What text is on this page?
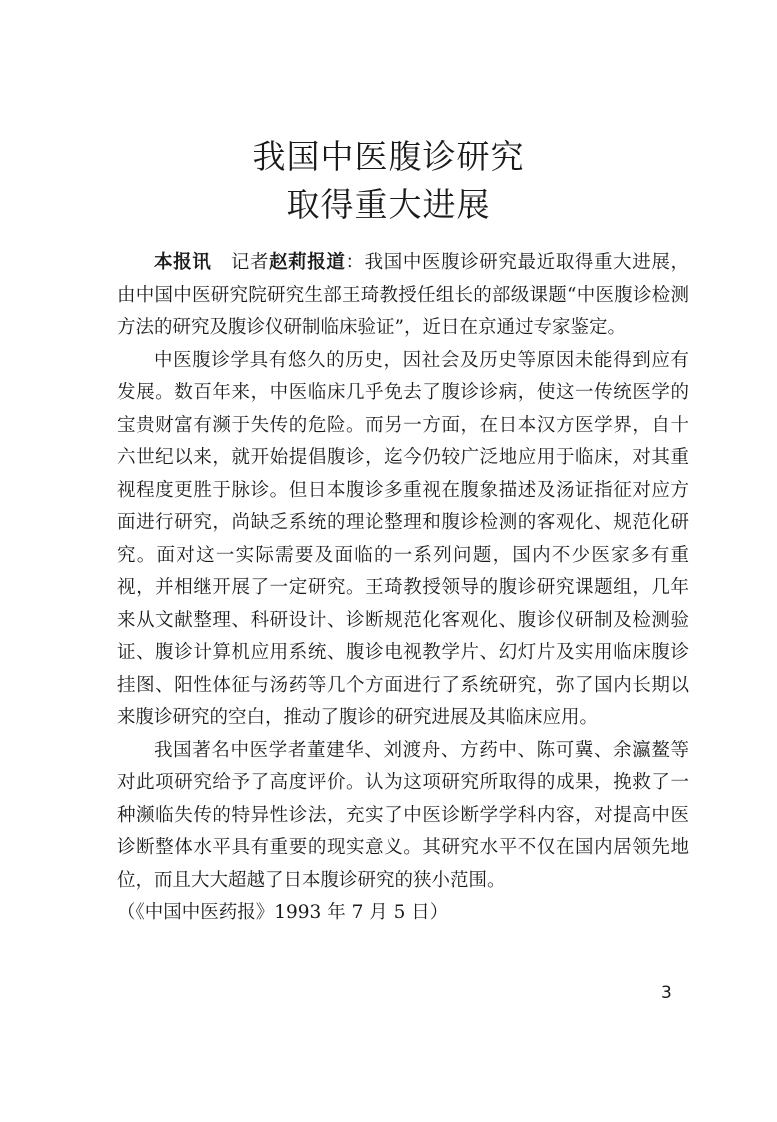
我国中医腹诊研究
取得重大进展

本报讯 记者赵莉报道：我国中医腹诊研究最近取得重大进展，由中国中医研究院研究生部王琦教授任组长的部级课题“中医腹诊检测方法的研究及腹诊仪研制临床验证”，近日在京通过专家鉴定。

中医腹诊学具有悠久的历史，因社会及历史等原因未能得到应有发展。数百年来，中医临床几乎免去了腹诊诊病，使这一传统医学的宝贵财富有濒于失传的危险。而另一方面，在日本汉方医学界，自十六世纪以来，就开始提倡腹诊，迄今仍较广泛地应用于临床，对其重视程度更胜于脉诊。但日本腹诊多重视在腹象描述及汤证指征对应方面进行研究，尚缺乏系统的理论整理和腹诊检测的客观化、规范化研究。面对这一实际需要及面临的一系列问题，国内不少医家多有重视，并相继开展了一定研究。王琦教授领导的腹诊研究课题组，几年来从文献整理、科研设计、诊断规范化客观化、腹诊仪研制及检测验证、腹诊计算机应用系统、腹诊电视教学片、幻灯片及实用临床腹诊挂图、阳性体征与汤药等几个方面进行了系统研究，弥了国内长期以来腹诊研究的空白，推动了腹诊的研究进展及其临床应用。

我国著名中医学者董建华、刘渡舟、方药中、陈可冀、余瀛鳌等对此项研究给予了高度评价。认为这项研究所取得的成果，挽救了一种濒临失传的特异性诊法，充实了中医诊断学学科内容，对提高中医诊断整体水平具有重要的现实意义。其研究水平不仅在国内居领先地位，而且大大超越了日本腹诊研究的狭小范围。

（《中国中医药报》1993 年 7 月 5 日）

3
